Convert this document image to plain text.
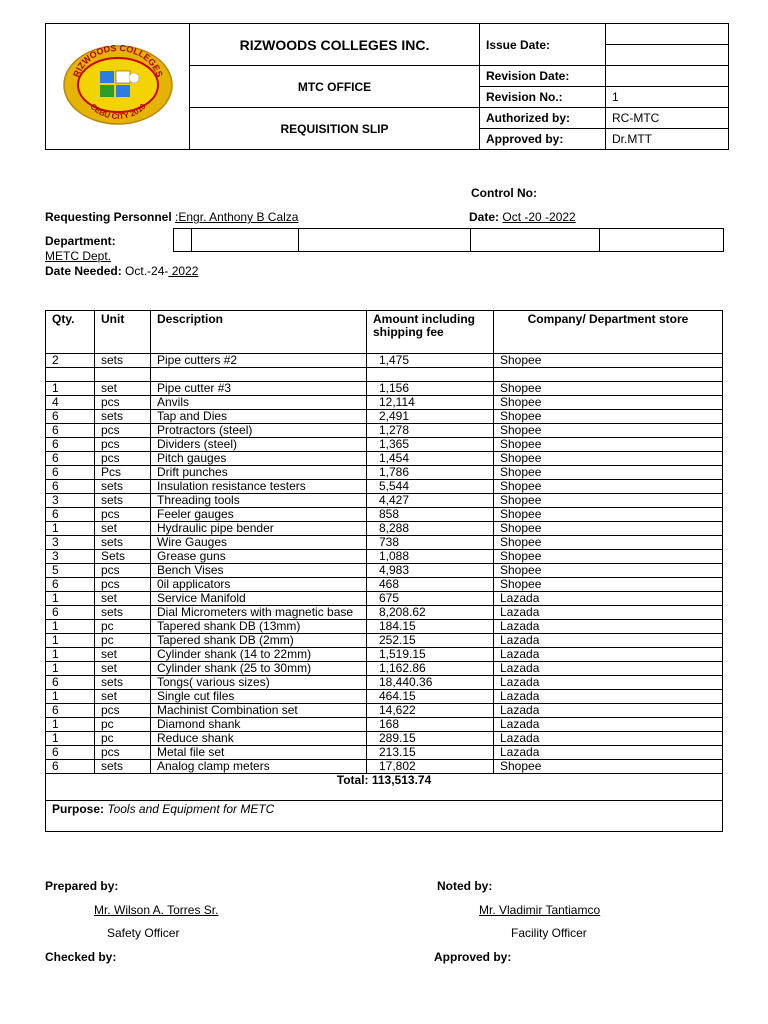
RIZWOODS COLLEGES
CEBU CITY 2010	RIZWOODS COLLEGES INC.	Issue Date:	

	MTC OFFICE	Revision Date:	
		Revision No.:	1
	REQUISITION SLIP	Authorized by:	RC-MTC
		Approved by:	Dr.MTT
Control No:
Requesting Personnel :Engr. Anthony B Calza	Date: Oct -20 -2022
Department:
METC Dept.
Date Needed: Oct.-24- 2022
Qty.	Unit	Description	Amount including shipping fee	Company/ Department store
2	sets	Pipe cutters #2	1,475	Shopee

1	set	Pipe cutter #3	1,156	Shopee
4	pcs	Anvils	12,114	Shopee
6	sets	Tap and Dies	2,491	Shopee
6	pcs	Protractors (steel)	1,278	Shopee
6	pcs	Dividers (steel)	1,365	Shopee
6	pcs	Pitch gauges	1,454	Shopee
6	Pcs	Drift punches	1,786	Shopee
6	sets	Insulation resistance testers	5,544	Shopee
3	sets	Threading tools	4,427	Shopee
6	pcs	Feeler gauges	858	Shopee
1	set	Hydraulic pipe bender	8,288	Shopee
3	sets	Wire Gauges	738	Shopee
3	Sets	Grease guns	1,088	Shopee
5	pcs	Bench Vises	4,983	Shopee
6	pcs	0il applicators	468	Shopee
1	set	Service Manifold	675	Lazada
6	sets	Dial Micrometers with magnetic base	8,208.62	Lazada
1	pc	Tapered shank DB (13mm)	184.15	Lazada
1	pc	Tapered shank DB (2mm)	252.15	Lazada
1	set	Cylinder shank (14 to 22mm)	1,519.15	Lazada
1	set	Cylinder shank (25 to 30mm)	1,162.86	Lazada
6	sets	Tongs( various sizes)	18,440.36	Lazada
1	set	Single cut files	464.15	Lazada
6	pcs	Machinist Combination set	14,622	Lazada
1	pc	Diamond shank	168	Lazada
1	pc	Reduce shank	289.15	Lazada
6	pcs	Metal file set	213.15	Lazada
6	sets	Analog clamp meters	17,802	Shopee
Total: 113,513.74				
Purpose: Tools and Equipment for METC				
Prepared by:
Mr. Wilson A. Torres Sr.
Safety Officer
Noted by:
Mr. Vladimir Tantiamco
Facility Officer
Checked by:	Approved by:
